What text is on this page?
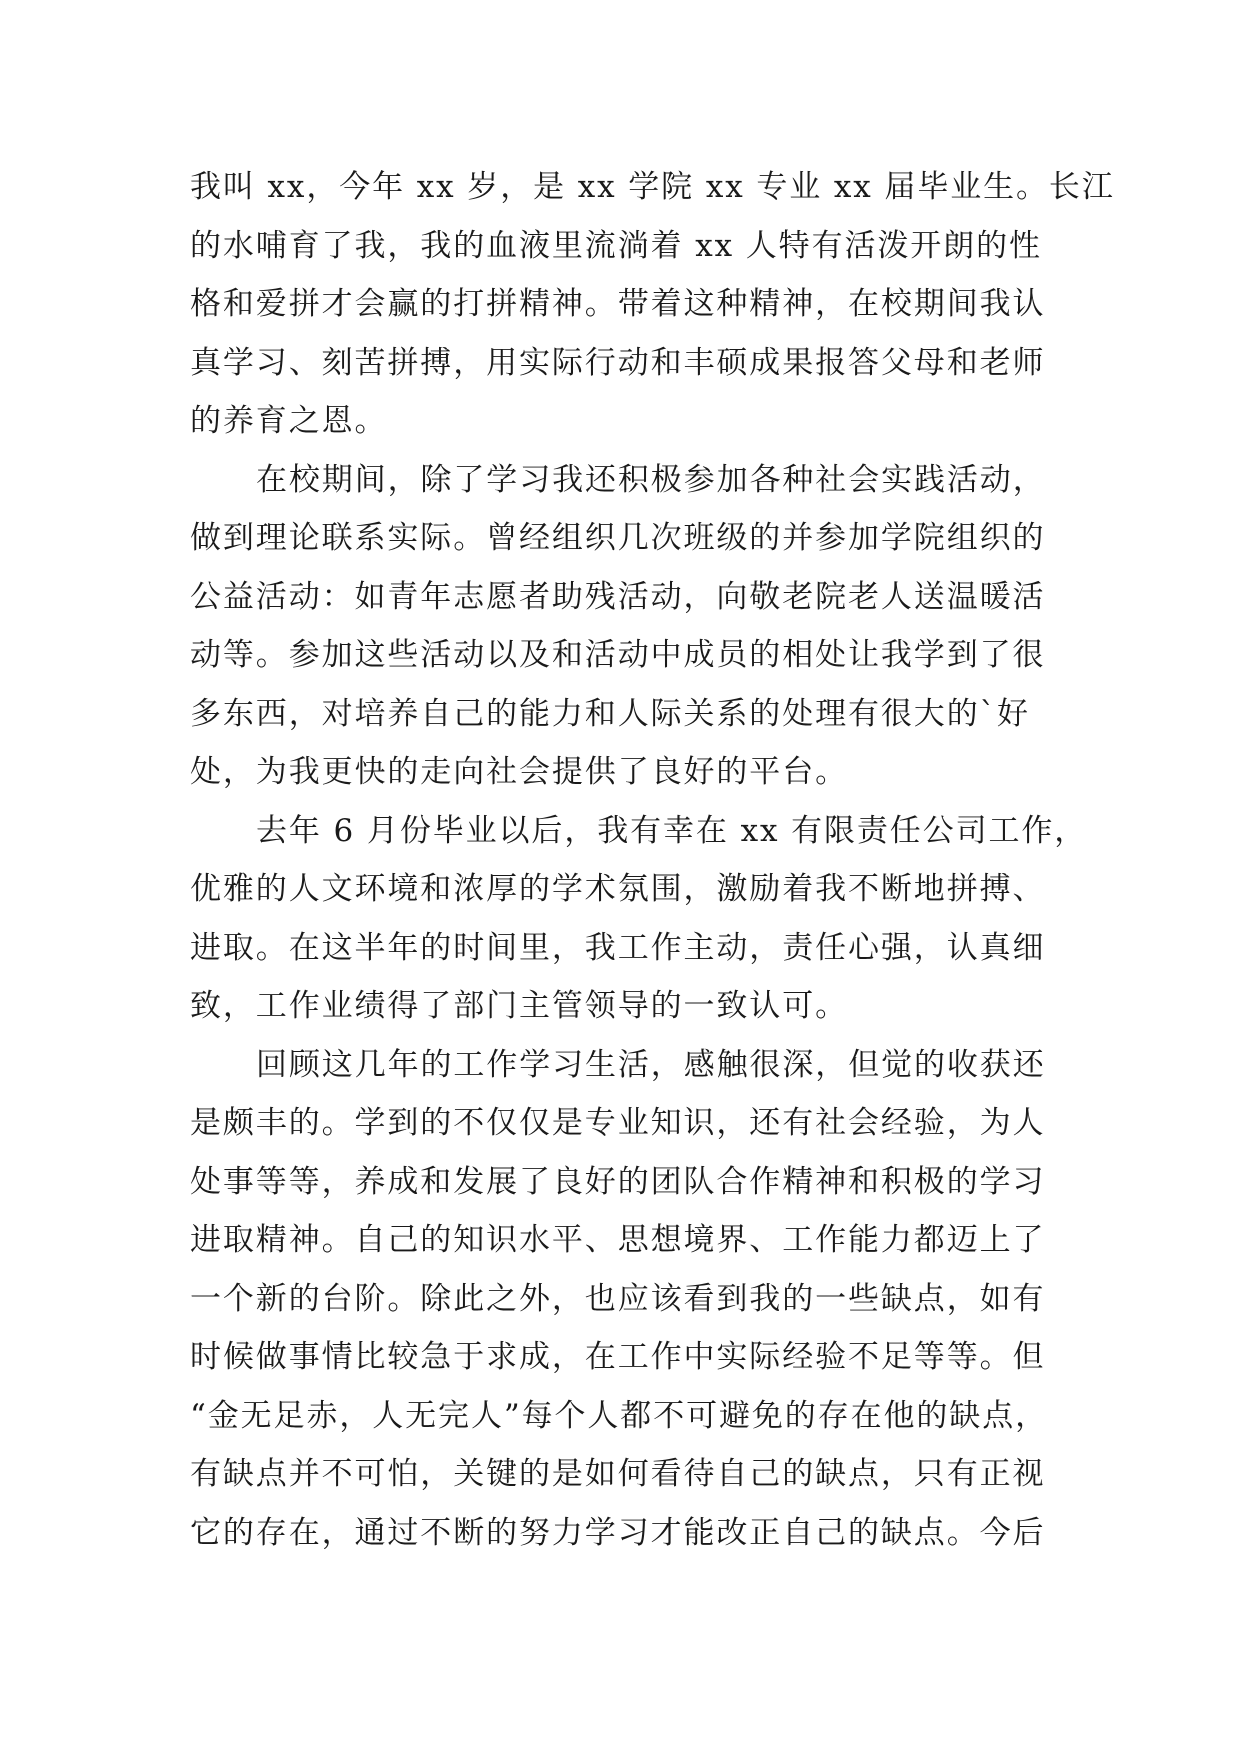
我叫 xx，今年 xx 岁，是 xx 学院 xx 专业 xx 届毕业生。长江
的水哺育了我，我的血液里流淌着 xx 人特有活泼开朗的性
格和爱拼才会赢的打拼精神。带着这种精神，在校期间我认
真学习、刻苦拼搏，用实际行动和丰硕成果报答父母和老师
的养育之恩。
在校期间，除了学习我还积极参加各种社会实践活动，
做到理论联系实际。曾经组织几次班级的并参加学院组织的
公益活动：如青年志愿者助残活动，向敬老院老人送温暖活
动等。参加这些活动以及和活动中成员的相处让我学到了很
多东西，对培养自己的能力和人际关系的处理有很大的`好
处，为我更快的走向社会提供了良好的平台。
去年 6 月份毕业以后，我有幸在 xx 有限责任公司工作，
优雅的人文环境和浓厚的学术氛围，激励着我不断地拼搏、
进取。在这半年的时间里，我工作主动，责任心强，认真细
致，工作业绩得了部门主管领导的一致认可。
回顾这几年的工作学习生活，感触很深，但觉的收获还
是颇丰的。学到的不仅仅是专业知识，还有社会经验，为人
处事等等，养成和发展了良好的团队合作精神和积极的学习
进取精神。自己的知识水平、思想境界、工作能力都迈上了
一个新的台阶。除此之外，也应该看到我的一些缺点，如有
时候做事情比较急于求成，在工作中实际经验不足等等。但
“金无足赤，人无完人”每个人都不可避免的存在他的缺点，
有缺点并不可怕，关键的是如何看待自己的缺点，只有正视
它的存在，通过不断的努力学习才能改正自己的缺点。今后
